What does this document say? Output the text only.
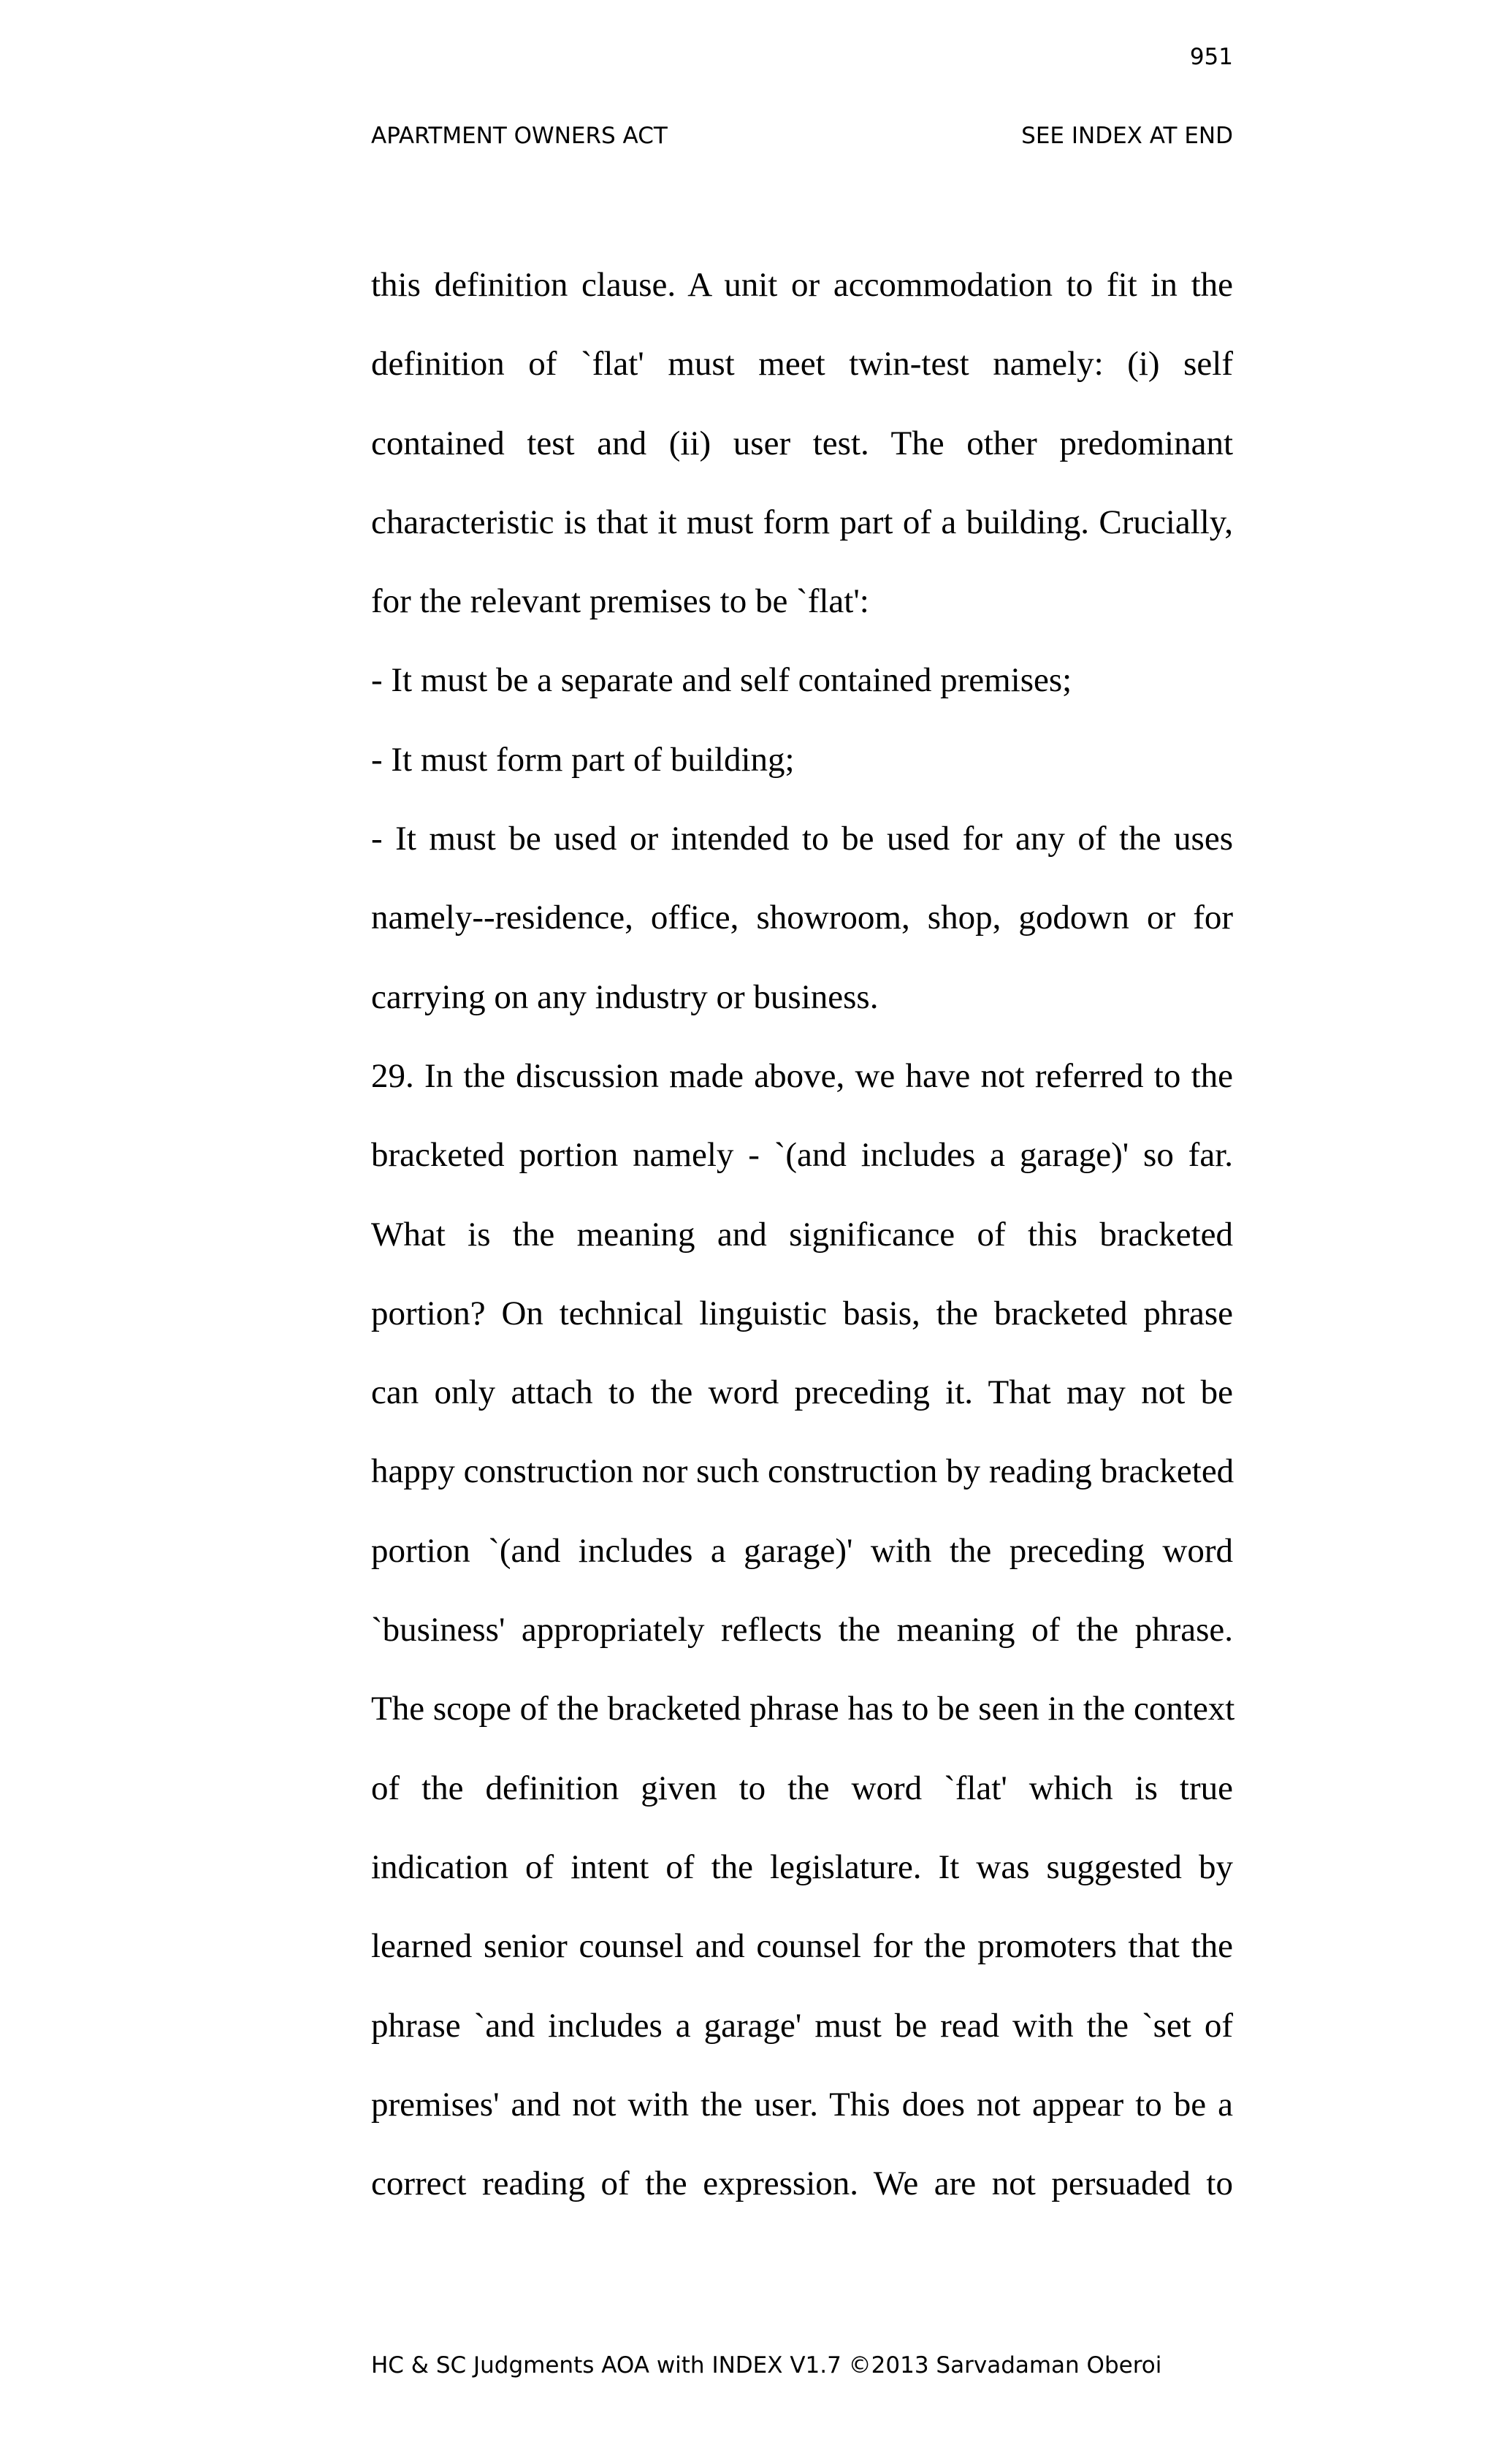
951
APARTMENT OWNERS ACT	SEE INDEX AT END
this definition clause. A unit or accommodation to fit in the
definition of `flat' must meet twin-test namely: (i) self
contained test and (ii) user test. The other predominant
characteristic is that it must form part of a building. Crucially,
for the relevant premises to be `flat':
- It must be a separate and self contained premises;
- It must form part of building;
- It must be used or intended to be used for any of the uses
namely--residence, office, showroom, shop, godown or for
carrying on any industry or business.
29. In the discussion made above, we have not referred to the
bracketed portion namely - `(and includes a garage)' so far.
What is the meaning and significance of this bracketed
portion? On technical linguistic basis, the bracketed phrase
can only attach to the word preceding it. That may not be
happy construction nor such construction by reading bracketed
portion `(and includes a garage)' with the preceding word
`business' appropriately reflects the meaning of the phrase.
The scope of the bracketed phrase has to be seen in the context
of the definition given to the word `flat' which is true
indication of intent of the legislature. It was suggested by
learned senior counsel and counsel for the promoters that the
phrase `and includes a garage' must be read with the `set of
premises' and not with the user. This does not appear to be a
correct reading of the expression. We are not persuaded to
HC & SC Judgments AOA with INDEX V1.7 ©2013 Sarvadaman Oberoi
